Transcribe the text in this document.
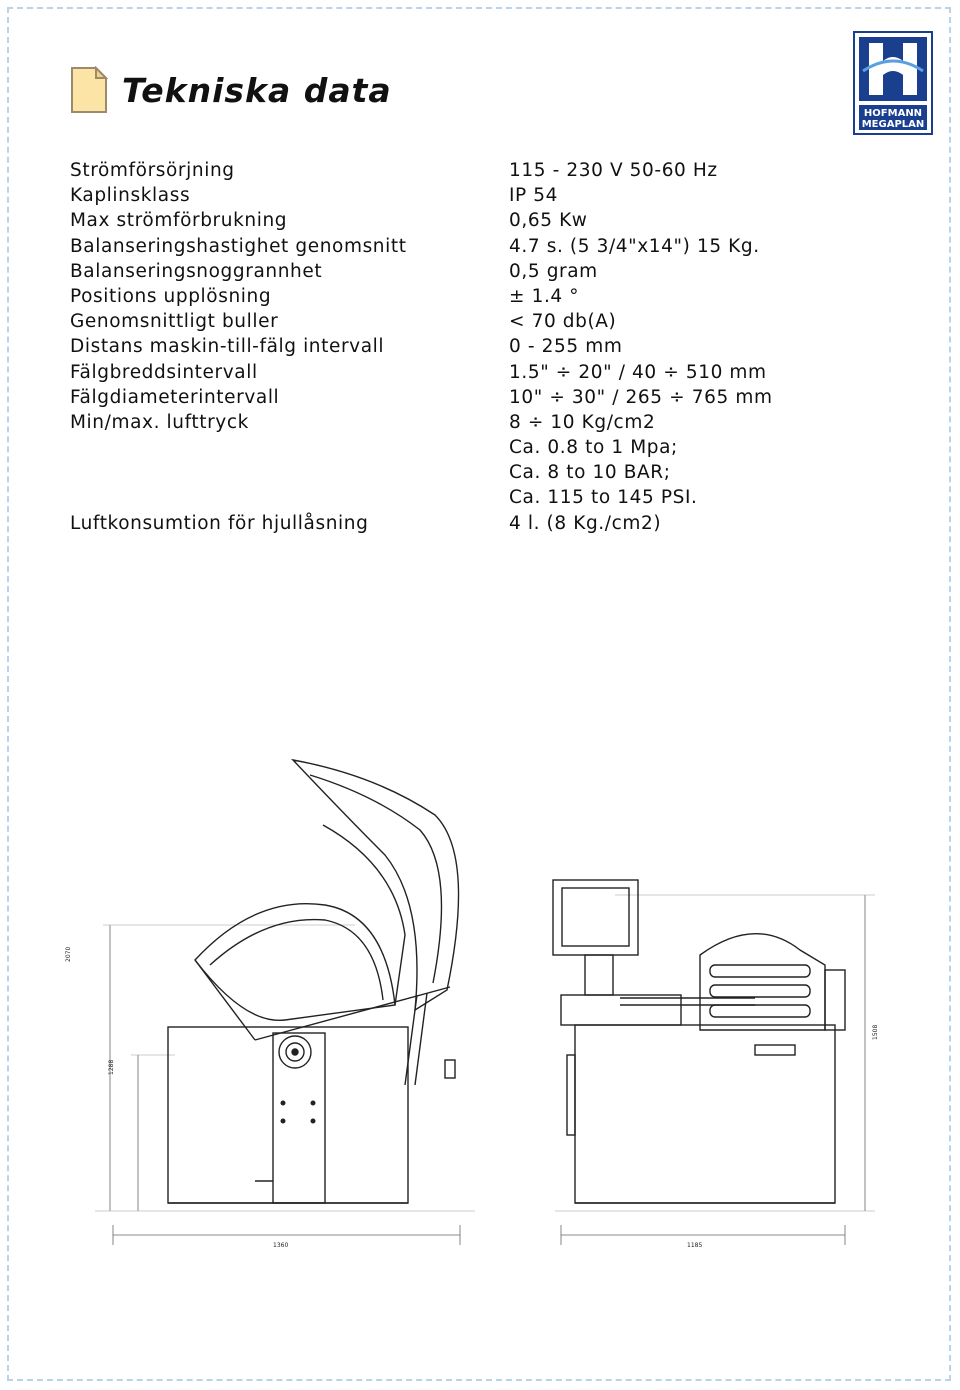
Tekniska data
HOFMANN
MEGAPLAN
Strömförsörjning	115 - 230 V 50-60 Hz
Kaplinsklass	IP 54
Max strömförbrukning	0,65 Kw
Balanseringshastighet genomsnitt	4.7 s. (5 3/4"x14") 15 Kg.
Balanseringsnoggrannhet	0,5 gram
Positions upplösning	± 1.4 °
Genomsnittligt buller	< 70 db(A)
Distans maskin-till-fälg intervall	0 - 255 mm
Fälgbreddsintervall	1.5" ÷ 20" / 40 ÷ 510 mm
Fälgdiameterintervall	10" ÷ 30" / 265 ÷ 765 mm
Min/max. lufttryck	8 ÷ 10 Kg/cm2
Ca. 0.8 to 1 Mpa;
Ca. 8 to 10 BAR;
Ca. 115 to 145 PSI.
Luftkonsumtion för hjullåsning	4 l. (8 Kg./cm2)
2070
1288
1360
1508
1185
